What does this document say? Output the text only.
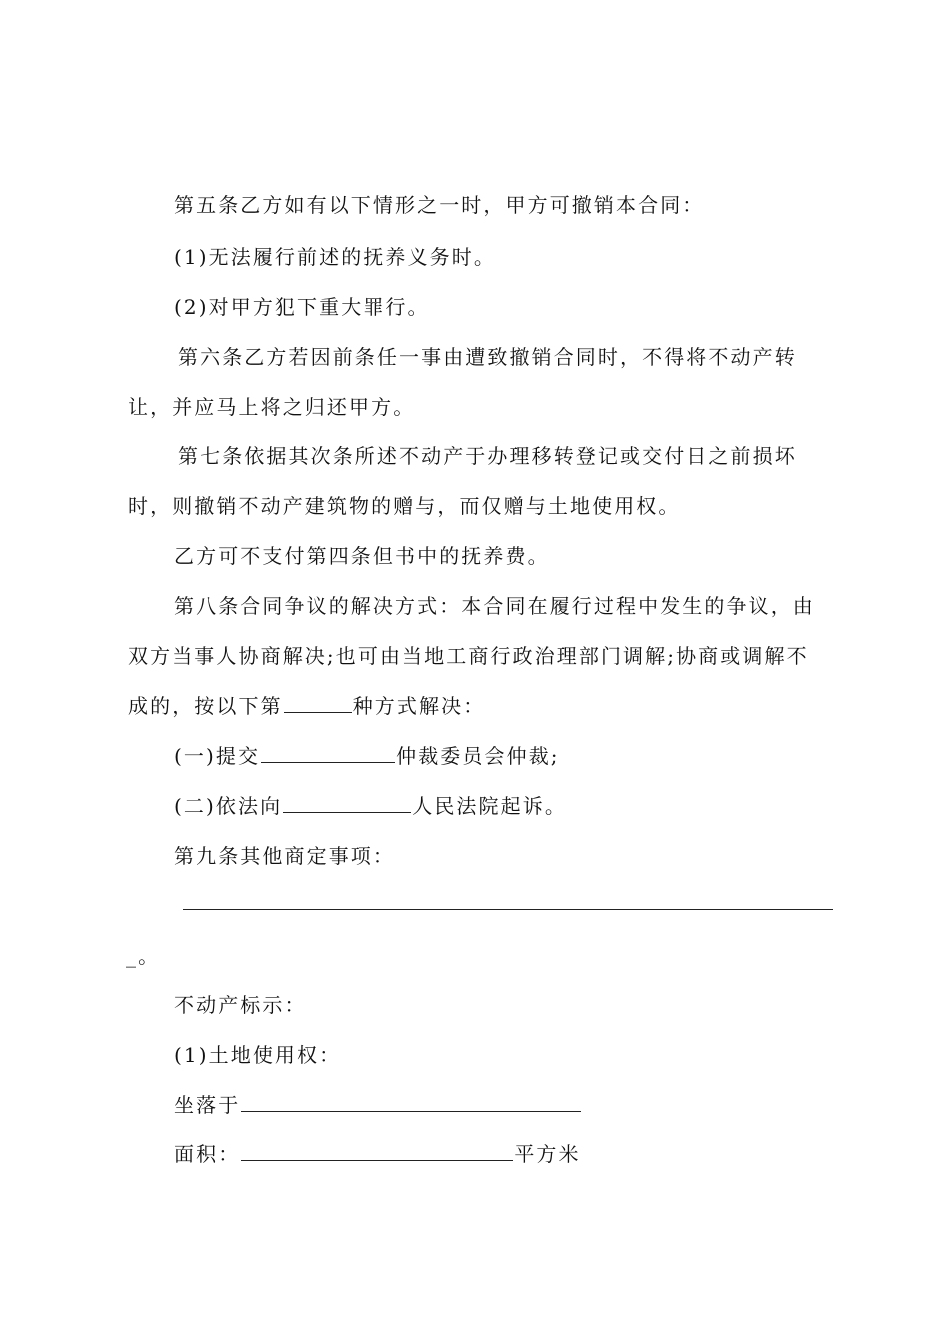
第五条乙方如有以下情形之一时，甲方可撤销本合同：
(1)无法履行前述的抚养义务时。
(2)对甲方犯下重大罪行。
第六条乙方若因前条任一事由遭致撤销合同时，不得将不动产转
让，并应马上将之归还甲方。
第七条依据其次条所述不动产于办理移转登记或交付日之前损坏
时，则撤销不动产建筑物的赠与，而仅赠与土地使用权。
乙方可不支付第四条但书中的抚养费。
第八条合同争议的解决方式：本合同在履行过程中发生的争议，由
双方当事人协商解决;也可由当地工商行政治理部门调解;协商或调解不
成的，按以下第	种方式解决：
(一)提交	仲裁委员会仲裁;
(二)依法向	人民法院起诉。
第九条其他商定事项：
_。
不动产标示：
(1)土地使用权：
坐落于
面积：	平方米
